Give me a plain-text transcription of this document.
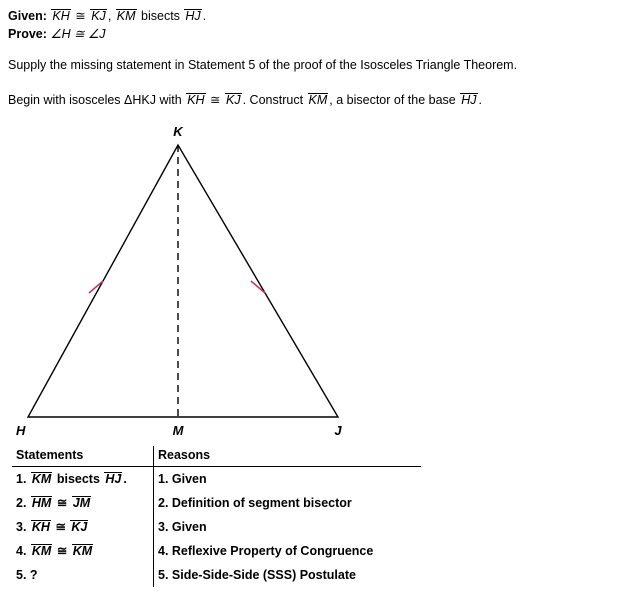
Given: KH ≅ KJ , KM bisects HJ .
Prove: ∠H ≅ ∠J
Supply the missing statement in Statement 5 of the proof of the Isosceles Triangle Theorem.
Begin with isosceles ΔHKJ with KH ≅ KJ . Construct KM , a bisector of the base HJ .
K
H	M	J
Statements	Reasons
1. KM bisects HJ .	1. Given
2. HM ≅ JM	2. Definition of segment bisector
3. KH ≅ KJ	3. Given
4. KM ≅ KM	4. Reflexive Property of Congruence
5. ?	5. Side-Side-Side (SSS) Postulate
